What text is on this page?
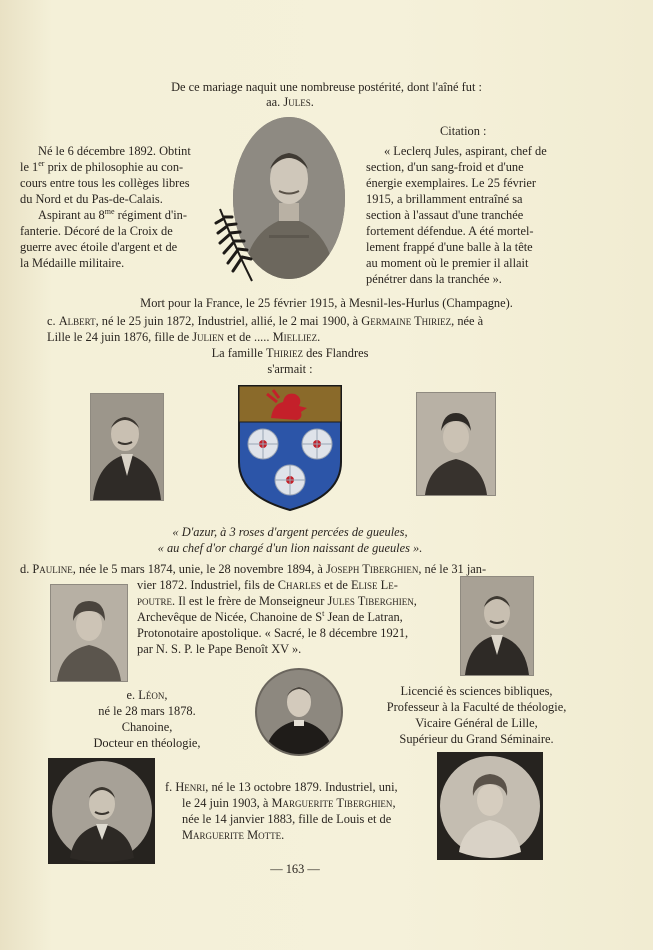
De ce mariage naquit une nombreuse postérité, dont l'aîné fut :

aa. Jules.

Né le 6 décembre 1892. Obtint

le 1er prix de philosophie au con-

cours entre tous les collèges libres

du Nord et du Pas-de-Calais.

Aspirant au $8^{me}$ régiment d'in-

fanterie. Décoré de la Croix de

guerre avec étoile d'argent et de

la Médaille militaire.

Citation :

« Leclerq Jules, aspirant, chef de

section, d'un sang-froid et d'une

énergie exemplaires. Le 25 février

1915, a brillamment entraîné sa

section à l'assaut d'une tranchée

fortement défendue. A été mortel-

lement frappé d'une balle à la tête

au moment où le premier il allait

pénétrer dans la tranchée ».

Mort pour la France, le 25 février 1915, à Mesnil-les-Hurlus (Champagne).

c. Albert, né le 25 juin 1872, Industriel, allié, le 2 mai 1900, à Germaine Thiriez, née à

Lille le 24 juin 1876, fille de Julien et de ..... Mielliez.

La famille Thiriez des Flandres

s'armait :

« D'azur, à 3 roses d'argent percées de gueules,

« au chef d'or chargé d'un lion naissant de gueules ».

d. Pauline, née le 5 mars 1874, unie, le 28 novembre 1894, à Joseph Tiberghien, né le 31 jan-

vier 1872. Industriel, fils de Charles et de Elise Le-

poutre. Il est le frère de Monseigneur Jules Tiberghien,

Archevêque de Nicée, Chanoine de $S^t$ Jean de Latran,

Protonotaire apostolique. « Sacré, le 8 décembre 1921,

par N. S. P. le Pape Benoît XV ».

e. Léon,

né le 28 mars 1878.

Chanoine,

Docteur en théologie,

Licencié ès sciences bibliques,

Professeur à la Faculté de théologie,

Vicaire Général de Lille,

Supérieur du Grand Séminaire.

f. Henri, né le 13 octobre 1879. Industriel, uni,

le 24 juin 1903, à Marguerite Tiberghien,

née le 14 janvier 1883, fille de Louis et de

Marguerite Motte.

— 163 —
